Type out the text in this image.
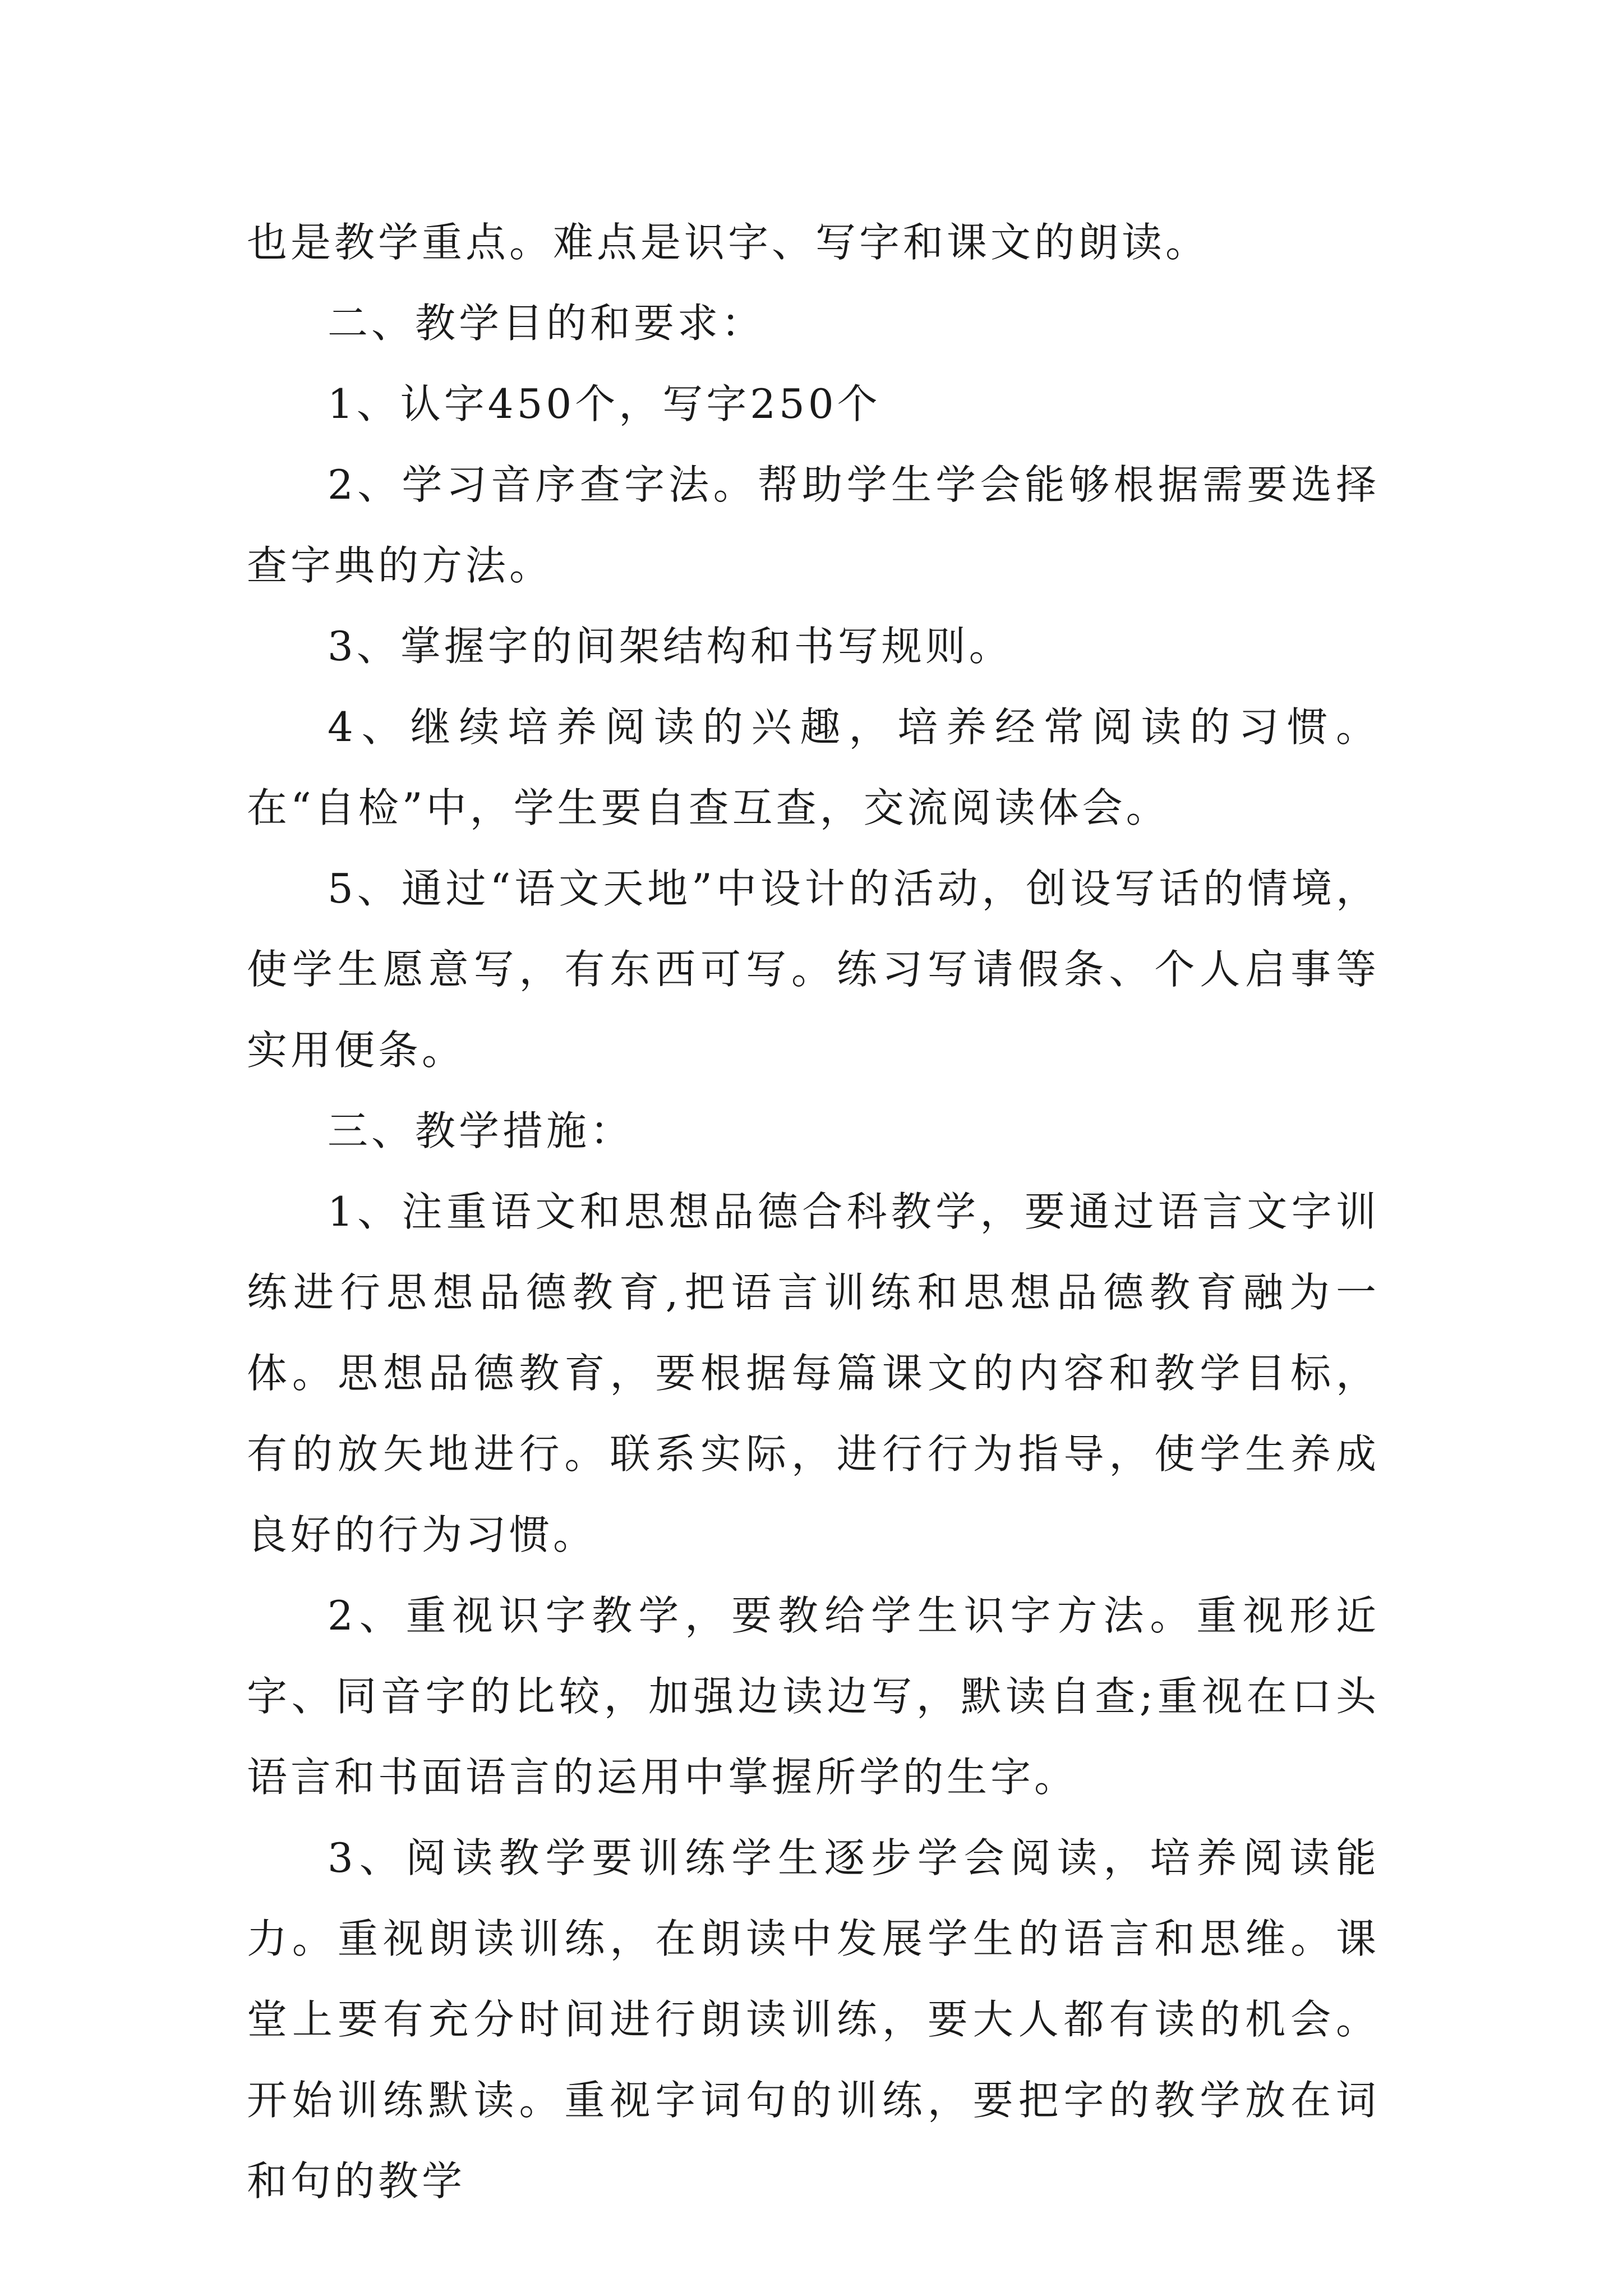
也是教学重点。难点是识字、写字和课文的朗读。

二、教学目的和要求：

1、认字450个，写字250个

2、学习音序查字法。帮助学生学会能够根据需要选择查字典的方法。

3、掌握字的间架结构和书写规则。

4、继续培养阅读的兴趣，培养经常阅读的习惯。在“自检”中，学生要自查互查，交流阅读体会。

5、通过“语文天地”中设计的活动，创设写话的情境，使学生愿意写，有东西可写。练习写请假条、个人启事等实用便条。

三、教学措施：

1、注重语文和思想品德合科教学，要通过语言文字训练进行思想品德教育,把语言训练和思想品德教育融为一体。思想品德教育，要根据每篇课文的内容和教学目标，有的放矢地进行。联系实际，进行行为指导，使学生养成良好的行为习惯。

2、重视识字教学，要教给学生识字方法。重视形近字、同音字的比较，加强边读边写，默读自查;重视在口头语言和书面语言的运用中掌握所学的生字。

3、阅读教学要训练学生逐步学会阅读，培养阅读能力。重视朗读训练，在朗读中发展学生的语言和思维。课堂上要有充分时间进行朗读训练，要大人都有读的机会。开始训练默读。重视字词句的训练，要把字的教学放在词和句的教学
